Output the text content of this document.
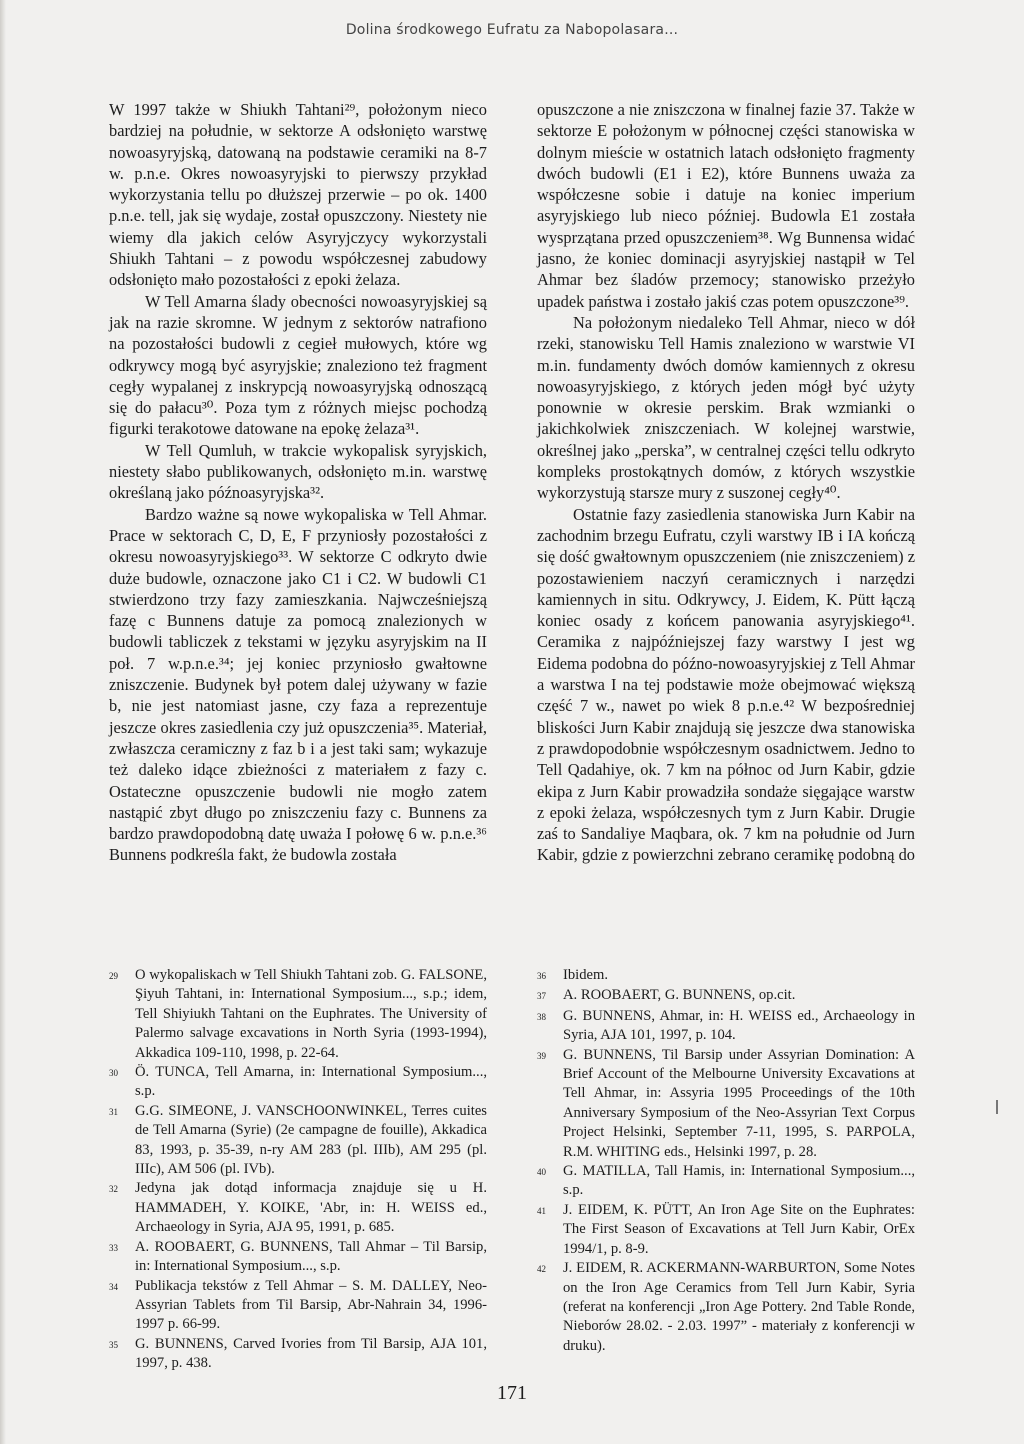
Dolina środkowego Eufratu za Nabopolasara...

W 1997 także w Shiukh Tahtani²⁹, położonym nieco bardziej na południe, w sektorze A odsłonięto warstwę nowoasyryjską, datowaną na podstawie ceramiki na 8-7 w. p.n.e. Okres nowoasyryjski to pierwszy przykład wykorzystania tellu po dłuższej przerwie – po ok. 1400 p.n.e. tell, jak się wydaje, został opuszczony. Niestety nie wiemy dla jakich celów Asyryjczycy wykorzystali Shiukh Tahtani – z powodu współczesnej zabudowy odsłonięto mało pozostałości z epoki żelaza.

W Tell Amarna ślady obecności nowoasyryjskiej są jak na razie skromne. W jednym z sektorów natrafiono na pozostałości budowli z cegieł mułowych, które wg odkrywcy mogą być asyryjskie; znaleziono też fragment cegły wypalanej z inskrypcją nowoasyryjską odnoszącą się do pałacu³⁰. Poza tym z różnych miejsc pochodzą figurki terakotowe datowane na epokę żelaza³¹.

W Tell Qumluh, w trakcie wykopalisk syryjskich, niestety słabo publikowanych, odsłonięto m.in. warstwę określaną jako późnoasyryjska³².

Bardzo ważne są nowe wykopaliska w Tell Ahmar. Prace w sektorach C, D, E, F przyniosły pozostałości z okresu nowoasyryjskiego³³. W sektorze C odkryto dwie duże budowle, oznaczone jako C1 i C2. W budowli C1 stwierdzono trzy fazy zamieszkania. Najwcześniejszą fazę c Bunnens datuje za pomocą znalezionych w budowli tabliczek z tekstami w języku asyryjskim na II poł. 7 w.p.n.e.³⁴; jej koniec przyniosło gwałtowne zniszczenie. Budynek był potem dalej używany w fazie b, nie jest natomiast jasne, czy faza a reprezentuje jeszcze okres zasiedlenia czy już opuszczenia³⁵. Materiał, zwłaszcza ceramiczny z faz b i a jest taki sam; wykazuje też daleko idące zbieżności z materiałem z fazy c. Ostateczne opuszczenie budowli nie mogło zatem nastąpić zbyt długo po zniszczeniu fazy c. Bunnens za bardzo prawdopodobną datę uważa I połowę 6 w. p.n.e.³⁶ Bunnens podkreśla fakt, że budowla została

opuszczone a nie zniszczona w finalnej fazie 37. Także w sektorze E położonym w północnej części stanowiska w dolnym mieście w ostatnich latach odsłonięto fragmenty dwóch budowli (E1 i E2), które Bunnens uważa za współczesne sobie i datuje na koniec imperium asyryjskiego lub nieco później. Budowla E1 została wysprzątana przed opuszczeniem³⁸. Wg Bunnensa widać jasno, że koniec dominacji asyryjskiej nastąpił w Tel Ahmar bez śladów przemocy; stanowisko przeżyło upadek państwa i zostało jakiś czas potem opuszczone³⁹.

Na położonym niedaleko Tell Ahmar, nieco w dół rzeki, stanowisku Tell Hamis znaleziono w warstwie VI m.in. fundamenty dwóch domów kamiennych z okresu nowoasyryjskiego, z których jeden mógł być użyty ponownie w okresie perskim. Brak wzmianki o jakichkolwiek zniszczeniach. W kolejnej warstwie, określnej jako „perska”, w centralnej części tellu odkryto kompleks prostokątnych domów, z których wszystkie wykorzystują starsze mury z suszonej cegły⁴⁰.

Ostatnie fazy zasiedlenia stanowiska Jurn Kabir na zachodnim brzegu Eufratu, czyli warstwy IB i IA kończą się dość gwałtownym opuszczeniem (nie zniszczeniem) z pozostawieniem naczyń ceramicznych i narzędzi kamiennych in situ. Odkrywcy, J. Eidem, K. Pütt łączą koniec osady z końcem panowania asyryjskiego⁴¹. Ceramika z najpóźniejszej fazy warstwy I jest wg Eidema podobna do późno-nowoasyryjskiej z Tell Ahmar a warstwa I na tej podstawie może obejmować większą część 7 w., nawet po wiek 8 p.n.e.⁴² W bezpośredniej bliskości Jurn Kabir znajdują się jeszcze dwa stanowiska z prawdopodobnie współczesnym osadnictwem. Jedno to Tell Qadahiye, ok. 7 km na północ od Jurn Kabir, gdzie ekipa z Jurn Kabir prowadziła sondaże sięgające warstw z epoki żelaza, współczesnych tym z Jurn Kabir. Drugie zaś to Sandaliye Maqbara, ok. 7 km na południe od Jurn Kabir, gdzie z powierzchni zebrano ceramikę podobną do

29	O wykopaliskach w Tell Shiukh Tahtani zob. G. FALSONE, Şiyuh Tahtani, in: International Symposium..., s.p.; idem, Tell Shiyiukh Tahtani on the Euphrates. The University of Palermo salvage excavations in North Syria (1993-1994), Akkadica 109-110, 1998, p. 22-64.
30	Ö. TUNCA, Tell Amarna, in: International Symposium..., s.p.
31	G.G. SIMEONE, J. VANSCHOONWINKEL, Terres cuites de Tell Amarna (Syrie) (2e campagne de fouille), Akkadica 83, 1993, p. 35-39, n-ry AM 283 (pl. IIIb), AM 295 (pl. IIIc), AM 506 (pl. IVb).
32	Jedyna jak dotąd informacja znajduje się u H. HAMMADEH, Y. KOIKE, 'Abr, in: H. WEISS ed., Archaeology in Syria, AJA 95, 1991, p. 685.
33	A. ROOBAERT, G. BUNNENS, Tall Ahmar – Til Barsip, in: International Symposium..., s.p.
34	Publikacja tekstów z Tell Ahmar – S. M. DALLEY, Neo-Assyrian Tablets from Til Barsip, Abr-Nahrain 34, 1996-1997 p. 66-99.
35	G. BUNNENS, Carved Ivories from Til Barsip, AJA 101, 1997, p. 438.
36	Ibidem.
37	A. ROOBAERT, G. BUNNENS, op.cit.
38	G. BUNNENS, Ahmar, in: H. WEISS ed., Archaeology in Syria, AJA 101, 1997, p. 104.
39	G. BUNNENS, Til Barsip under Assyrian Domination: A Brief Account of the Melbourne University Excavations at Tell Ahmar, in: Assyria 1995 Proceedings of the 10th Anniversary Symposium of the Neo-Assyrian Text Corpus Project Helsinki, September 7-11, 1995, S. PARPOLA, R.M. WHITING eds., Helsinki 1997, p. 28.
40	G. MATILLA, Tall Hamis, in: International Symposium..., s.p.
41	J. EIDEM, K. PÜTT, An Iron Age Site on the Euphrates: The First Season of Excavations at Tell Jurn Kabir, OrEx 1994/1, p. 8-9.
42	J. EIDEM, R. ACKERMANN-WARBURTON, Some Notes on the Iron Age Ceramics from Tell Jurn Kabir, Syria (referat na konferencji „Iron Age Pottery. 2nd Table Ronde, Nieborów 28.02. - 2.03. 1997” - materiały z konferencji w druku).
171
